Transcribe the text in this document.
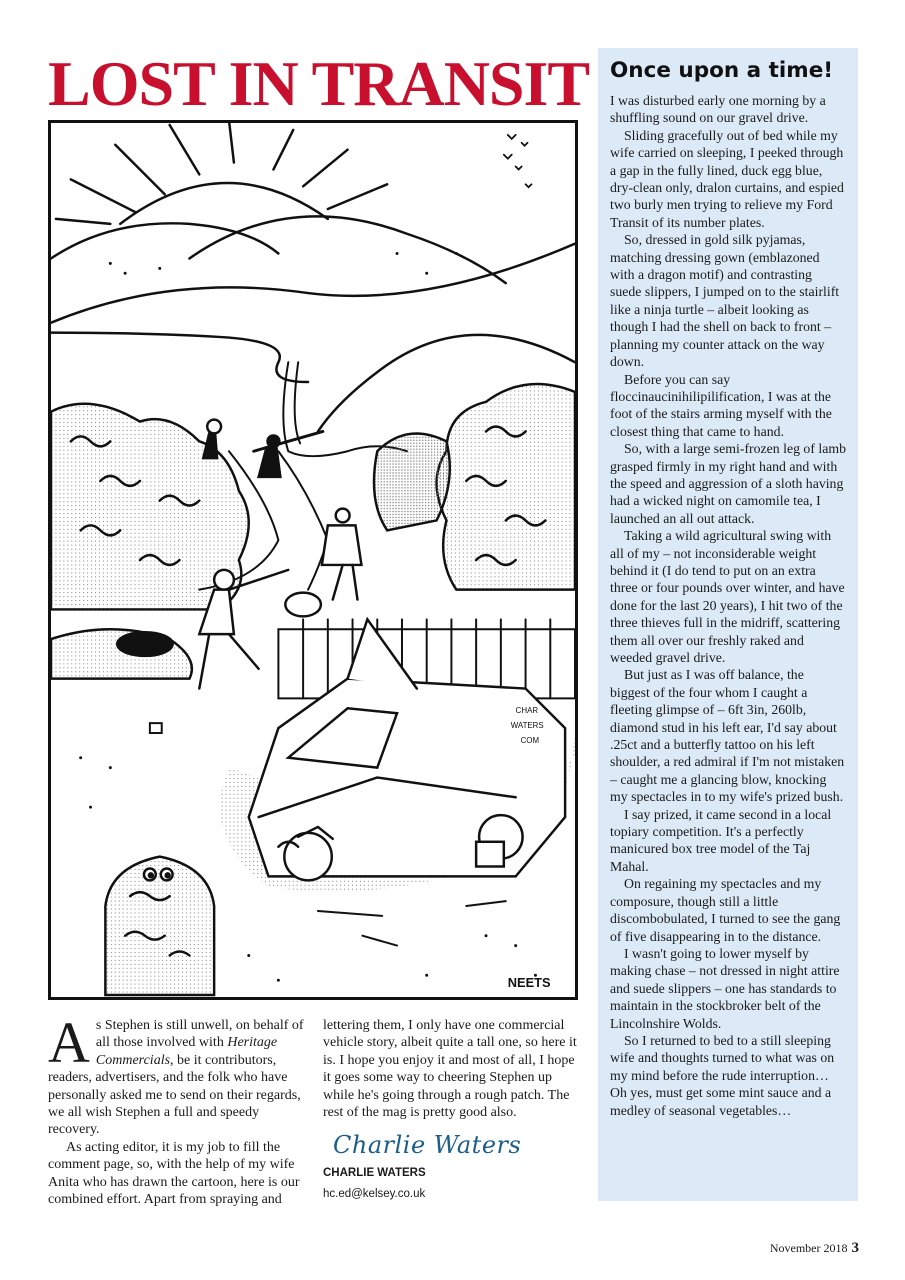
LOST IN TRANSIT
CHAR
WATERS
COM
NEETS

As Stephen is still unwell, on behalf of all those involved with Heritage Commercials, be it contributors, readers, advertisers, and the folk who have personally asked me to send on their regards, we all wish Stephen a full and speedy recovery.

As acting editor, it is my job to fill the comment page, so, with the help of my wife Anita who has drawn the cartoon, here is our combined effort. Apart from spraying and

lettering them, I only have one commercial vehicle story, albeit quite a tall one, so here it is. I hope you enjoy it and most of all, I hope it goes some way to cheering Stephen up while he's going through a rough patch. The rest of the mag is pretty good also.

Charlie Waters
CHARLIE WATERS
hc.ed@kelsey.co.uk
Once upon a time!

I was disturbed early one morning by a shuffling sound on our gravel drive.

Sliding gracefully out of bed while my wife carried on sleeping, I peeked through a gap in the fully lined, duck egg blue, dry-clean only, dralon curtains, and espied two burly men trying to relieve my Ford Transit of its number plates.

So, dressed in gold silk pyjamas, matching dressing gown (emblazoned with a dragon motif) and contrasting suede slippers, I jumped on to the stairlift like a ninja turtle – albeit looking as though I had the shell on back to front – planning my counter attack on the way down.

Before you can say floccinaucinihilipilification, I was at the foot of the stairs arming myself with the closest thing that came to hand.

So, with a large semi-frozen leg of lamb grasped firmly in my right hand and with the speed and aggression of a sloth having had a wicked night on camomile tea, I launched an all out attack.

Taking a wild agricultural swing with all of my – not inconsiderable weight behind it (I do tend to put on an extra three or four pounds over winter, and have done for the last 20 years), I hit two of the three thieves full in the midriff, scattering them all over our freshly raked and weeded gravel drive.

But just as I was off balance, the biggest of the four whom I caught a fleeting glimpse of – 6ft 3in, 260lb, diamond stud in his left ear, I'd say about .25ct and a butterfly tattoo on his left shoulder, a red admiral if I'm not mistaken – caught me a glancing blow, knocking my spectacles in to my wife's prized bush.

I say prized, it came second in a local topiary competition. It's a perfectly manicured box tree model of the Taj Mahal.

On regaining my spectacles and my composure, though still a little discombobulated, I turned to see the gang of five disappearing in to the distance.

I wasn't going to lower myself by making chase – not dressed in night attire and suede slippers – one has standards to maintain in the stockbroker belt of the Lincolnshire Wolds.

So I returned to bed to a still sleeping wife and thoughts turned to what was on my mind before the rude interruption… Oh yes, must get some mint sauce and a medley of seasonal vegetables…

November 2018 3
